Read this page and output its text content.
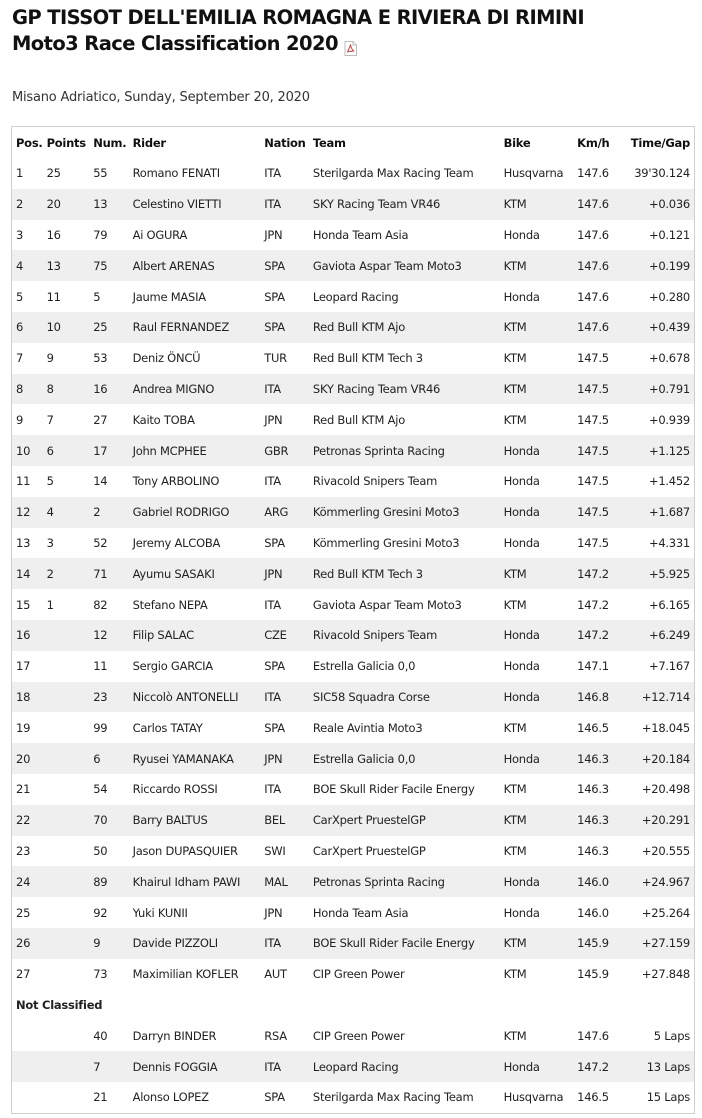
GP TISSOT DELL'EMILIA ROMAGNA E RIVIERA DI RIMINI
Moto3 Race Classification 2020
Misano Adriatico, Sunday, September 20, 2020
Pos.	Points	Num.	Rider	Nation	Team	Bike	Km/h	Time/Gap
1	25	55	Romano FENATI	ITA	Sterilgarda Max Racing Team	Husqvarna	147.6	39'30.124
2	20	13	Celestino VIETTI	ITA	SKY Racing Team VR46	KTM	147.6	+0.036
3	16	79	Ai OGURA	JPN	Honda Team Asia	Honda	147.6	+0.121
4	13	75	Albert ARENAS	SPA	Gaviota Aspar Team Moto3	KTM	147.6	+0.199
5	11	5	Jaume MASIA	SPA	Leopard Racing	Honda	147.6	+0.280
6	10	25	Raul FERNANDEZ	SPA	Red Bull KTM Ajo	KTM	147.6	+0.439
7	9	53	Deniz ÖNCÜ	TUR	Red Bull KTM Tech 3	KTM	147.5	+0.678
8	8	16	Andrea MIGNO	ITA	SKY Racing Team VR46	KTM	147.5	+0.791
9	7	27	Kaito TOBA	JPN	Red Bull KTM Ajo	KTM	147.5	+0.939
10	6	17	John MCPHEE	GBR	Petronas Sprinta Racing	Honda	147.5	+1.125
11	5	14	Tony ARBOLINO	ITA	Rivacold Snipers Team	Honda	147.5	+1.452
12	4	2	Gabriel RODRIGO	ARG	Kömmerling Gresini Moto3	Honda	147.5	+1.687
13	3	52	Jeremy ALCOBA	SPA	Kömmerling Gresini Moto3	Honda	147.5	+4.331
14	2	71	Ayumu SASAKI	JPN	Red Bull KTM Tech 3	KTM	147.2	+5.925
15	1	82	Stefano NEPA	ITA	Gaviota Aspar Team Moto3	KTM	147.2	+6.165
16		12	Filip SALAC	CZE	Rivacold Snipers Team	Honda	147.2	+6.249
17		11	Sergio GARCIA	SPA	Estrella Galicia 0,0	Honda	147.1	+7.167
18		23	Niccolò ANTONELLI	ITA	SIC58 Squadra Corse	Honda	146.8	+12.714
19		99	Carlos TATAY	SPA	Reale Avintia Moto3	KTM	146.5	+18.045
20		6	Ryusei YAMANAKA	JPN	Estrella Galicia 0,0	Honda	146.3	+20.184
21		54	Riccardo ROSSI	ITA	BOE Skull Rider Facile Energy	KTM	146.3	+20.498
22		70	Barry BALTUS	BEL	CarXpert PruestelGP	KTM	146.3	+20.291
23		50	Jason DUPASQUIER	SWI	CarXpert PruestelGP	KTM	146.3	+20.555
24		89	Khairul Idham PAWI	MAL	Petronas Sprinta Racing	Honda	146.0	+24.967
25		92	Yuki KUNII	JPN	Honda Team Asia	Honda	146.0	+25.264
26		9	Davide PIZZOLI	ITA	BOE Skull Rider Facile Energy	KTM	145.9	+27.159
27		73	Maximilian KOFLER	AUT	CIP Green Power	KTM	145.9	+27.848
Not Classified								
		40	Darryn BINDER	RSA	CIP Green Power	KTM	147.6	5 Laps
		7	Dennis FOGGIA	ITA	Leopard Racing	Honda	147.2	13 Laps
		21	Alonso LOPEZ	SPA	Sterilgarda Max Racing Team	Husqvarna	146.5	15 Laps
